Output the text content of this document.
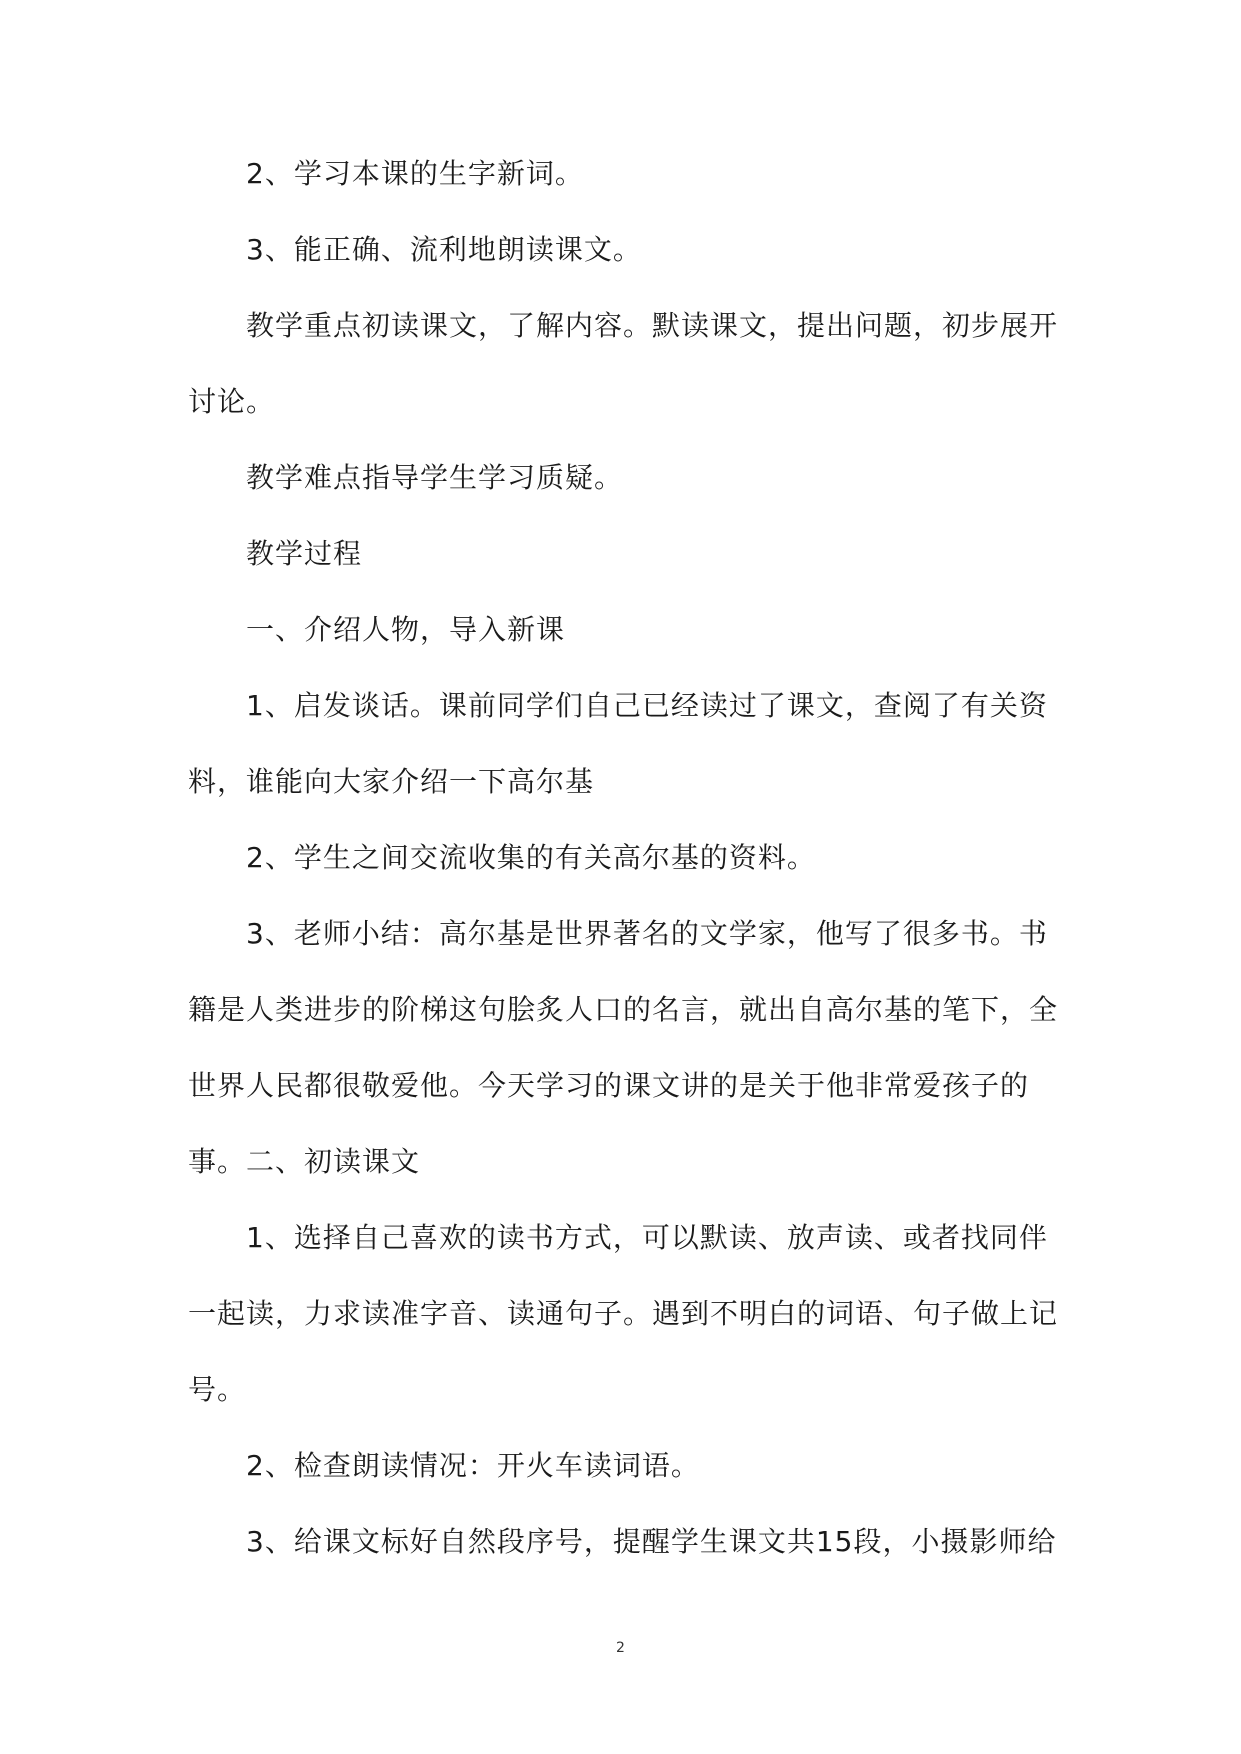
2、学习本课的生字新词。

3、能正确、流利地朗读课文。

教学重点初读课文，了解内容。默读课文，提出问题，初步展开讨论。

教学难点指导学生学习质疑。

教学过程

一、介绍人物，导入新课

1、启发谈话。课前同学们自己已经读过了课文，查阅了有关资料，谁能向大家介绍一下高尔基

2、学生之间交流收集的有关高尔基的资料。

3、老师小结：高尔基是世界著名的文学家，他写了很多书。书籍是人类进步的阶梯这句脍炙人口的名言，就出自高尔基的笔下，全世界人民都很敬爱他。今天学习的课文讲的是关于他非常爱孩子的事。 二、初读课文

1、选择自己喜欢的读书方式，可以默读、放声读、或者找同伴一起读，力求读准字音、读通句子。遇到不明白的词语、句子做上记号。

2、检查朗读情况：开火车读词语。

3、给课文标好自然段序号，提醒学生课文共15段，小摄影师给

2
